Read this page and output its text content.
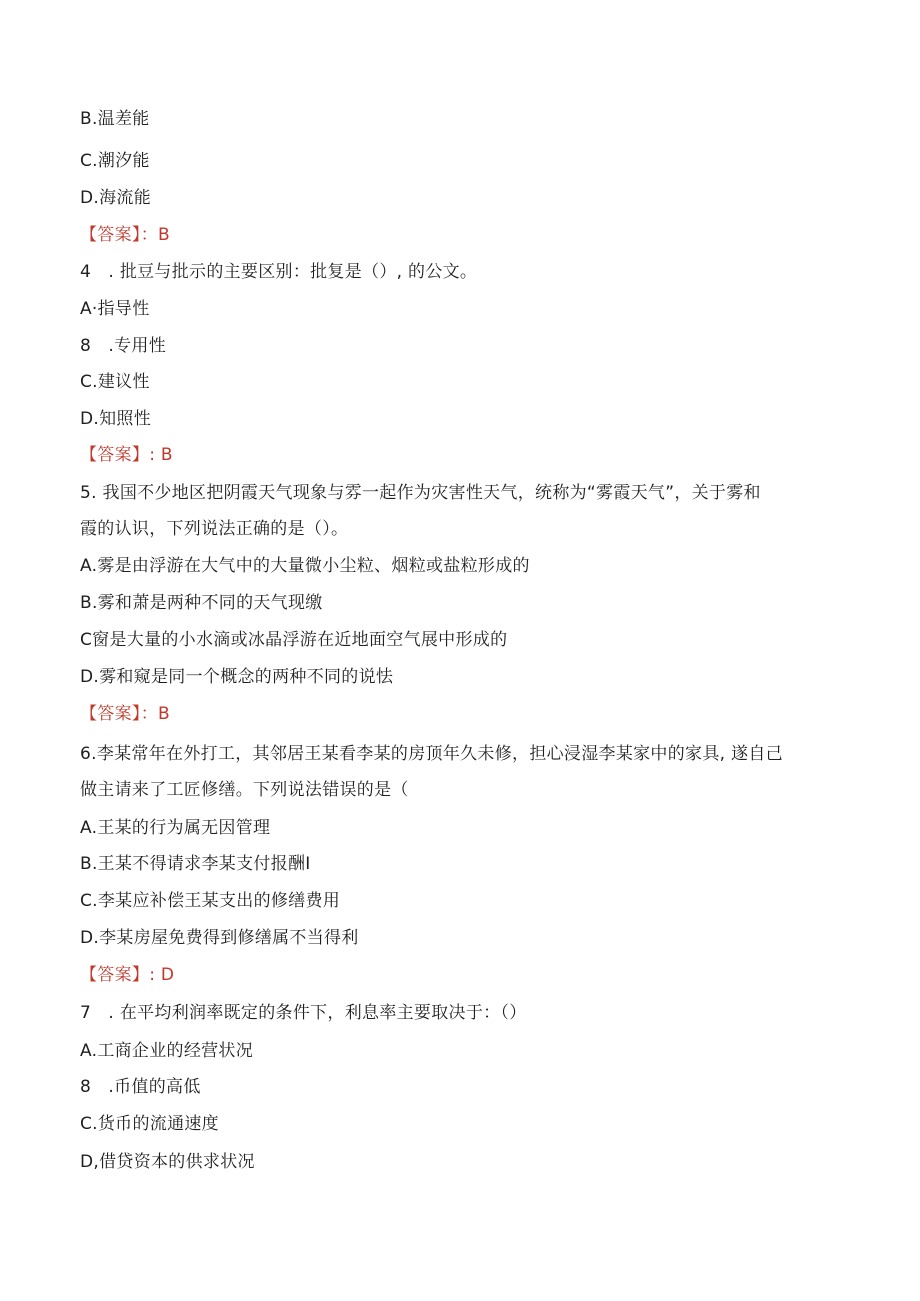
B.温差能
C.潮汐能
D.海流能
【答案】：B
4　. 批豆与批示的主要区别：批复是（）, 的公文。
A·指导性
8　.专用性
C.建议性
D.知照性
【答案】: B
5. 我国不少地区把阴霞天气现象与雰一起作为灾害性天气，统称为“雾霞天气”，关于雾和
霞的认识，下列说法正确的是（）。
A.雾是由浮游在大气中的大量微小尘粒、烟粒或盐粒形成的
B.雾和萧是两种不同的天气现缴
C窗是大量的小水滴或冰晶浮游在近地面空气展中形成的
D.雾和窥是同一个概念的两种不同的说怯
【答案】：B
6.李某常年在外打工，其邻居王某看李某的房顶年久未修，担心浸湿李某家中的家具, 遂自己
做主请来了工匠修缮。下列说法错误的是（
A.王某的行为属无因管理
B.王某不得请求李某支付报酬I
C.李某应补偿王某支出的修缮费用
D.李某房屋免费得到修缮属不当得利
【答案】: D
7　. 在平均利润率既定的条件下，利息率主要取决于：（）
A.工商企业的经营状况
8　.币值的高低
C.货币的流通速度
D,借贷资本的供求状况
